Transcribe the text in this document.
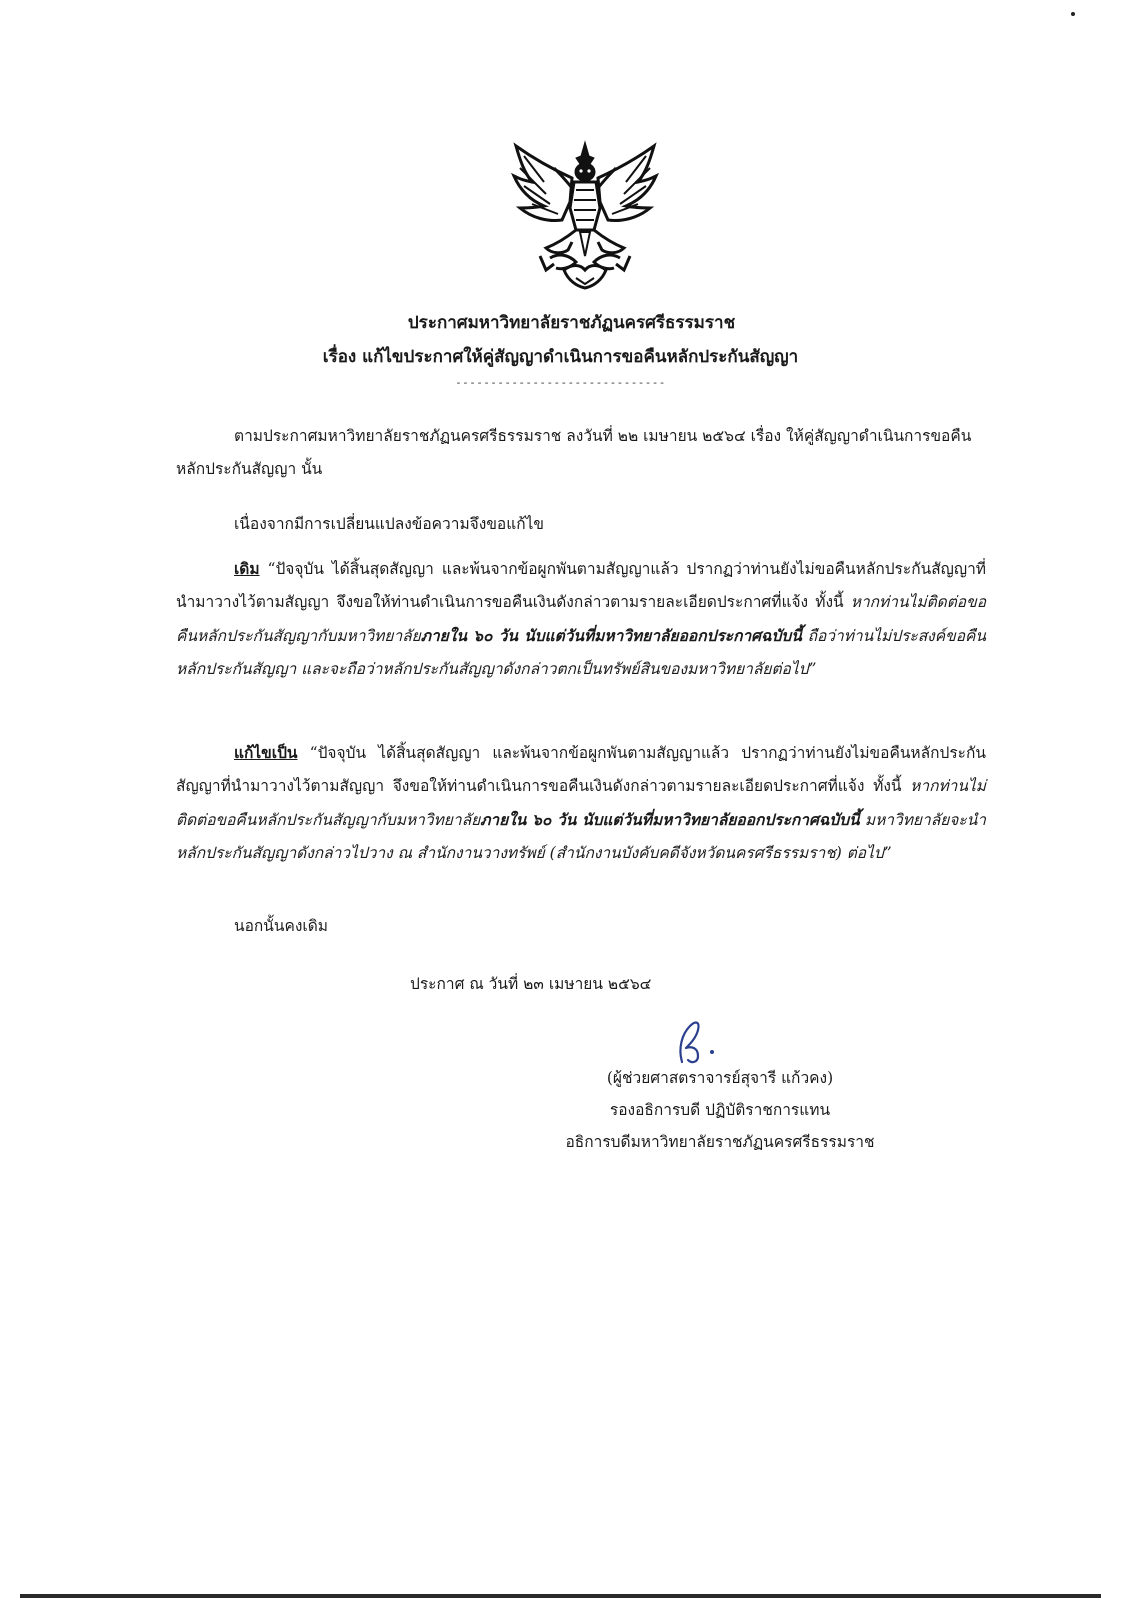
ประกาศมหาวิทยาลัยราชภัฏนครศรีธรรมราช
เรื่อง แก้ไขประกาศให้คู่สัญญาดำเนินการขอคืนหลักประกันสัญญา
------------------------------

ตามประกาศมหาวิทยาลัยราชภัฏนครศรีธรรมราช ลงวันที่ ๒๒ เมษายน ๒๕๖๔ เรื่อง ให้คู่สัญญาดำเนินการขอคืนหลักประกันสัญญา นั้น

เนื่องจากมีการเปลี่ยนแปลงข้อความจึงขอแก้ไข

เดิม “ปัจจุบัน ได้สิ้นสุดสัญญา และพ้นจากข้อผูกพันตามสัญญาแล้ว ปรากฏว่าท่านยังไม่ขอคืนหลักประกันสัญญาที่นำมาวางไว้ตามสัญญา จึงขอให้ท่านดำเนินการขอคืนเงินดังกล่าวตามรายละเอียดประกาศที่แจ้ง ทั้งนี้ หากท่านไม่ติดต่อขอคืนหลักประกันสัญญากับมหาวิทยาลัยภายใน ๖๐ วัน นับแต่วันที่มหาวิทยาลัยออกประกาศฉบับนี้ ถือว่าท่านไม่ประสงค์ขอคืนหลักประกันสัญญา และจะถือว่าหลักประกันสัญญาดังกล่าวตกเป็นทรัพย์สินของมหาวิทยาลัยต่อไป”

แก้ไขเป็น “ปัจจุบัน ได้สิ้นสุดสัญญา และพ้นจากข้อผูกพันตามสัญญาแล้ว ปรากฏว่าท่านยังไม่ขอคืนหลักประกันสัญญาที่นำมาวางไว้ตามสัญญา จึงขอให้ท่านดำเนินการขอคืนเงินดังกล่าวตามรายละเอียดประกาศที่แจ้ง ทั้งนี้ หากท่านไม่ติดต่อขอคืนหลักประกันสัญญากับมหาวิทยาลัยภายใน ๖๐ วัน นับแต่วันที่มหาวิทยาลัยออกประกาศฉบับนี้ มหาวิทยาลัยจะนำหลักประกันสัญญาดังกล่าวไปวาง ณ สำนักงานวางทรัพย์ (สำนักงานบังคับคดีจังหวัดนครศรีธรรมราช) ต่อไป”

นอกนั้นคงเดิม

ประกาศ ณ วันที่ ๒๓ เมษายน ๒๕๖๔
(ผู้ช่วยศาสตราจารย์สุจารี แก้วคง)
รองอธิการบดี ปฏิบัติราชการแทน
อธิการบดีมหาวิทยาลัยราชภัฏนครศรีธรรมราช
